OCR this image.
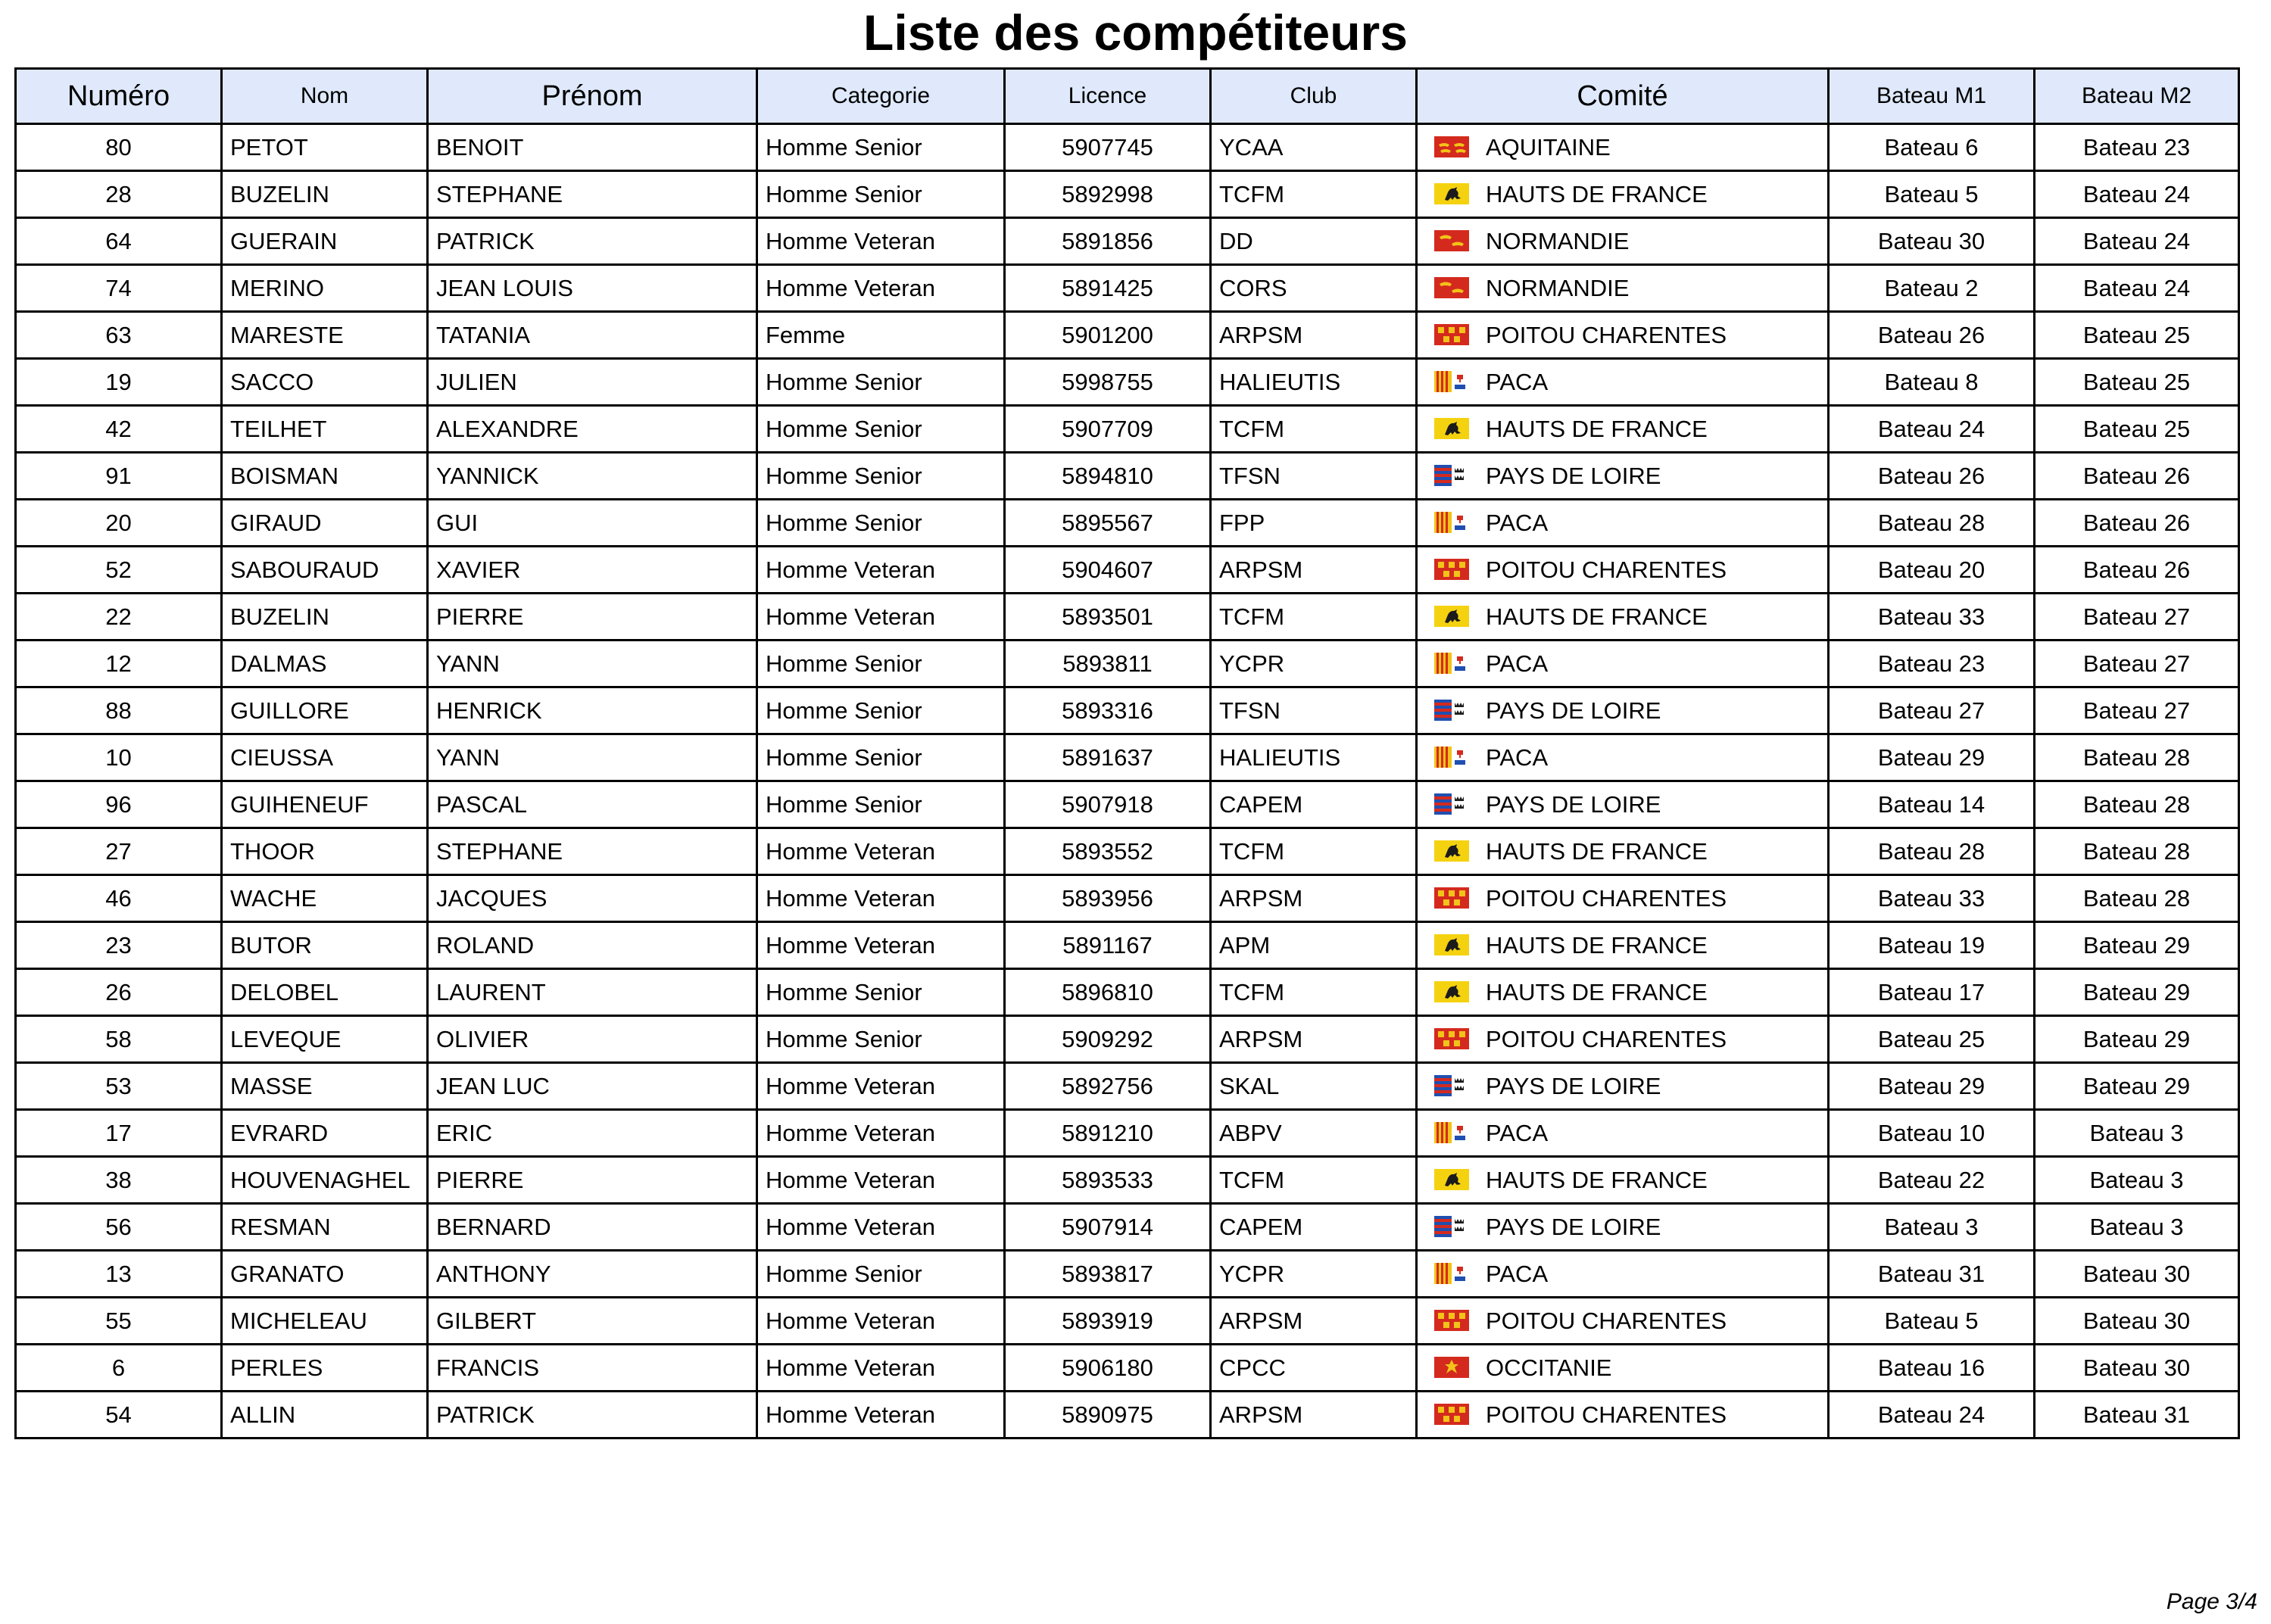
Liste des compétiteurs
Numéro	Nom	Prénom	Categorie	Licence	Club	Comité	Bateau M1	Bateau M2
80	PETOT	BENOIT	Homme Senior	5907745	YCAA	AQUITAINE	Bateau 6	Bateau 23
28	BUZELIN	STEPHANE	Homme Senior	5892998	TCFM	HAUTS DE FRANCE	Bateau 5	Bateau 24
64	GUERAIN	PATRICK	Homme Veteran	5891856	DD	NORMANDIE	Bateau 30	Bateau 24
74	MERINO	JEAN LOUIS	Homme Veteran	5891425	CORS	NORMANDIE	Bateau 2	Bateau 24
63	MARESTE	TATANIA	Femme	5901200	ARPSM	POITOU CHARENTES	Bateau 26	Bateau 25
19	SACCO	JULIEN	Homme Senior	5998755	HALIEUTIS	PACA	Bateau 8	Bateau 25
42	TEILHET	ALEXANDRE	Homme Senior	5907709	TCFM	HAUTS DE FRANCE	Bateau 24	Bateau 25
91	BOISMAN	YANNICK	Homme Senior	5894810	TFSN	PAYS DE LOIRE	Bateau 26	Bateau 26
20	GIRAUD	GUI	Homme Senior	5895567	FPP	PACA	Bateau 28	Bateau 26
52	SABOURAUD	XAVIER	Homme Veteran	5904607	ARPSM	POITOU CHARENTES	Bateau 20	Bateau 26
22	BUZELIN	PIERRE	Homme Veteran	5893501	TCFM	HAUTS DE FRANCE	Bateau 33	Bateau 27
12	DALMAS	YANN	Homme Senior	5893811	YCPR	PACA	Bateau 23	Bateau 27
88	GUILLORE	HENRICK	Homme Senior	5893316	TFSN	PAYS DE LOIRE	Bateau 27	Bateau 27
10	CIEUSSA	YANN	Homme Senior	5891637	HALIEUTIS	PACA	Bateau 29	Bateau 28
96	GUIHENEUF	PASCAL	Homme Senior	5907918	CAPEM	PAYS DE LOIRE	Bateau 14	Bateau 28
27	THOOR	STEPHANE	Homme Veteran	5893552	TCFM	HAUTS DE FRANCE	Bateau 28	Bateau 28
46	WACHE	JACQUES	Homme Veteran	5893956	ARPSM	POITOU CHARENTES	Bateau 33	Bateau 28
23	BUTOR	ROLAND	Homme Veteran	5891167	APM	HAUTS DE FRANCE	Bateau 19	Bateau 29
26	DELOBEL	LAURENT	Homme Senior	5896810	TCFM	HAUTS DE FRANCE	Bateau 17	Bateau 29
58	LEVEQUE	OLIVIER	Homme Senior	5909292	ARPSM	POITOU CHARENTES	Bateau 25	Bateau 29
53	MASSE	JEAN LUC	Homme Veteran	5892756	SKAL	PAYS DE LOIRE	Bateau 29	Bateau 29
17	EVRARD	ERIC	Homme Veteran	5891210	ABPV	PACA	Bateau 10	Bateau 3
38	HOUVENAGHEL	PIERRE	Homme Veteran	5893533	TCFM	HAUTS DE FRANCE	Bateau 22	Bateau 3
56	RESMAN	BERNARD	Homme Veteran	5907914	CAPEM	PAYS DE LOIRE	Bateau 3	Bateau 3
13	GRANATO	ANTHONY	Homme Senior	5893817	YCPR	PACA	Bateau 31	Bateau 30
55	MICHELEAU	GILBERT	Homme Veteran	5893919	ARPSM	POITOU CHARENTES	Bateau 5	Bateau 30
6	PERLES	FRANCIS	Homme Veteran	5906180	CPCC	OCCITANIE	Bateau 16	Bateau 30
54	ALLIN	PATRICK	Homme Veteran	5890975	ARPSM	POITOU CHARENTES	Bateau 24	Bateau 31
Page 3/4
